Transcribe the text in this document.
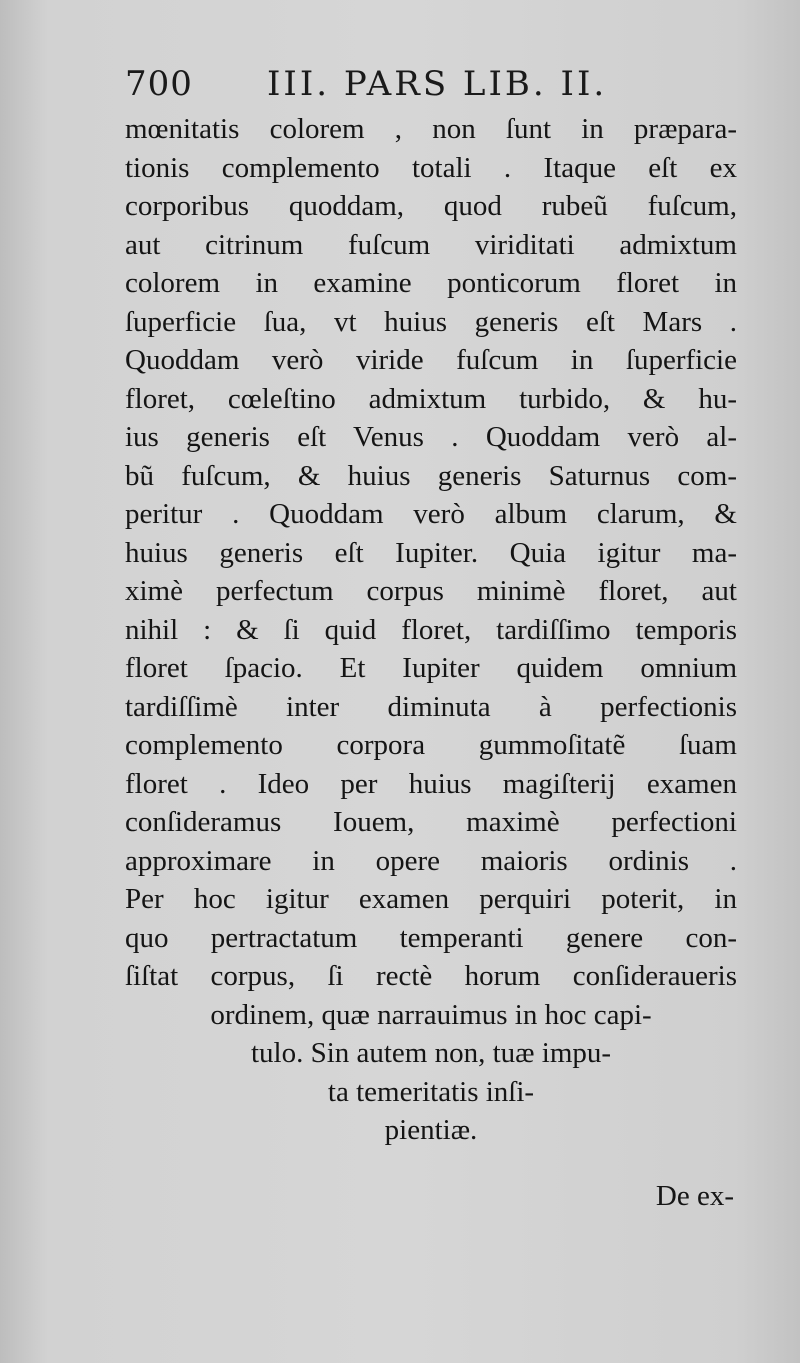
700 III. PARS LIB. II.
mœnitatis colorem , non ſunt in præpara-
tionis complemento totali . Itaque eſt ex
corporibus quoddam, quod rubeũ fuſcum,
aut citrinum fuſcum viriditati admixtum
colorem in examine ponticorum floret in
ſuperficie ſua, vt huius generis eſt Mars .
Quoddam verò viride fuſcum in ſuperficie
floret, cœleſtino admixtum turbido, & hu-
ius generis eſt Venus . Quoddam verò al-
bũ fuſcum, & huius generis Saturnus com-
peritur . Quoddam verò album clarum, &
huius generis eſt Iupiter. Quia igitur ma-
ximè perfectum corpus minimè floret, aut
nihil : & ſi quid floret, tardiſſimo temporis
floret ſpacio. Et Iupiter quidem omnium
tardiſſimè inter diminuta à perfectionis
complemento corpora gummoſitatẽ ſuam
floret . Ideo per huius magiſterij examen
conſideramus Iouem, maximè perfectioni
approximare in opere maioris ordinis .
Per hoc igitur examen perquiri poterit, in
quo pertractatum temperanti genere con-
ſiſtat corpus, ſi rectè horum conſideraueris
ordinem, quæ narrauimus in hoc capi-
tulo. Sin autem non, tuæ impu-
ta temeritatis inſi-
pientiæ.
De ex-
